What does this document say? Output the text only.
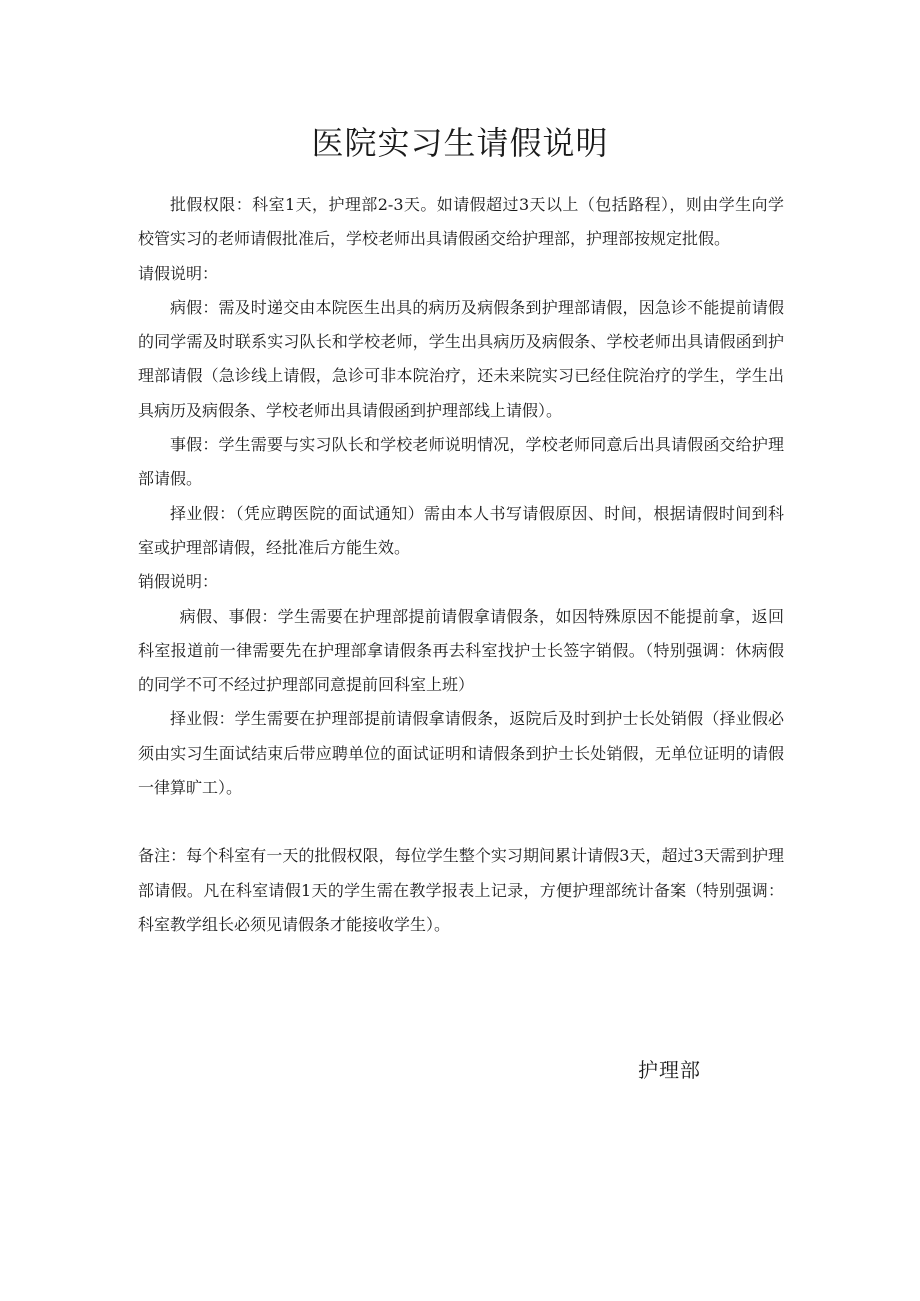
医院实习生请假说明

批假权限：科室1天，护理部2-3天。如请假超过3天以上（包括路程），则由学生向学校管实习的老师请假批准后，学校老师出具请假函交给护理部，护理部按规定批假。

请假说明：

病假：需及时递交由本院医生出具的病历及病假条到护理部请假，因急诊不能提前请假的同学需及时联系实习队长和学校老师，学生出具病历及病假条、学校老师出具请假函到护理部请假（急诊线上请假，急诊可非本院治疗，还未来院实习已经住院治疗的学生，学生出具病历及病假条、学校老师出具请假函到护理部线上请假）。

事假：学生需要与实习队长和学校老师说明情况，学校老师同意后出具请假函交给护理部请假。

择业假：（凭应聘医院的面试通知）需由本人书写请假原因、时间，根据请假时间到科室或护理部请假，经批准后方能生效。

销假说明：

病假、事假：学生需要在护理部提前请假拿请假条，如因特殊原因不能提前拿，返回科室报道前一律需要先在护理部拿请假条再去科室找护士长签字销假。（特别强调：休病假的同学不可不经过护理部同意提前回科室上班）

择业假：学生需要在护理部提前请假拿请假条，返院后及时到护士长处销假（择业假必须由实习生面试结束后带应聘单位的面试证明和请假条到护士长处销假，无单位证明的请假一律算旷工）。

备注：每个科室有一天的批假权限，每位学生整个实习期间累计请假3天，超过3天需到护理部请假。凡在科室请假1天的学生需在教学报表上记录，方便护理部统计备案（特别强调：科室教学组长必须见请假条才能接收学生）。

护理部
